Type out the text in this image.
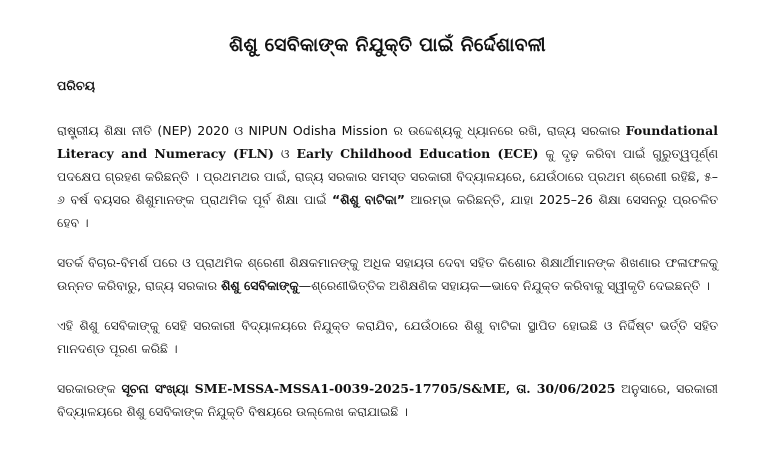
ଶିଶୁ ସେବିକାଙ୍କ ନିଯୁକ୍ତି ପାଇଁ ନିର୍ଦ୍ଦେଶାବଳୀ
ପରିଚୟ

ରାଷ୍ଟ୍ରୀୟ ଶିକ୍ଷା ନୀତି (NEP) 2020 ଓ NIPUN Odisha Mission ର ଉଦ୍ଦେଶ୍ୟକୁ ଧ୍ୟାନରେ ରଖି, ରାଜ୍ୟ ସରକାର Foundational Literacy and Numeracy (FLN) ଓ Early Childhood Education (ECE) କୁ ଦୃଢ଼ କରିବା ପାଇଁ ଗୁରୁତ୍ୱପୂର୍ଣ୍ଣ ପଦକ୍ଷେପ ଗ୍ରହଣ କରିଛନ୍ତି । ପ୍ରଥମଥର ପାଇଁ, ରାଜ୍ୟ ସରକାର ସମସ୍ତ ସରକାରୀ ବିଦ୍ୟାଳୟରେ, ଯେଉଁଠାରେ ପ୍ରଥମ ଶ୍ରେଣୀ ରହିଛି, ୫–୬ ବର୍ଷ ବୟସର ଶିଶୁମାନଙ୍କ ପ୍ରାଥମିକ ପୂର୍ବ ଶିକ୍ଷା ପାଇଁ “ଶିଶୁ ବାଟିକା” ଆରମ୍ଭ କରିଛନ୍ତି, ଯାହା 2025–26 ଶିକ୍ଷା ସେସନରୁ ପ୍ରଚଳିତ ହେବ ।

ସତର୍କ ବିଚାର-ବିମର୍ଶ ପରେ ଓ ପ୍ରାଥମିକ ଶ୍ରେଣୀ ଶିକ୍ଷକମାନଙ୍କୁ ଅଧିକ ସହାୟତା ଦେବା ସହିତ କିଶୋର ଶିକ୍ଷାର୍ଥୀମାନଙ୍କ ଶିଖଣାର ଫଳାଫଳକୁ ଉନ୍ନତ କରିବାରୁ, ରାଜ୍ୟ ସରକାର ଶିଶୁ ସେବିକାଙ୍କୁ—ଶ୍ରେଣୀଭିତ୍ତିକ ଅଶିକ୍ଷଣିକ ସହାୟକ—ଭାବେ ନିଯୁକ୍ତ କରିବାକୁ ସ୍ୱୀକୃତି ଦେଇଛନ୍ତି ।

ଏହି ଶିଶୁ ସେବିକାଙ୍କୁ ସେହି ସରକାରୀ ବିଦ୍ୟାଳୟରେ ନିଯୁକ୍ତ କରାଯିବ, ଯେଉଁଠାରେ ଶିଶୁ ବାଟିକା ସ୍ଥାପିତ ହୋଇଛି ଓ ନିର୍ଦ୍ଦିଷ୍ଟ ଭର୍ତ୍ତି ସହିତ ମାନଦଣ୍ଡ ପୂରଣ କରିଛି ।

ସରକାରଙ୍କ ସୂଚନା ସଂଖ୍ୟା SME-MSSA-MSSA1-0039-2025-17705/S&ME, ତା. 30/06/2025 ଅନୁସାରେ, ସରକାରୀ ବିଦ୍ୟାଳୟରେ ଶିଶୁ ସେବିକାଙ୍କ ନିଯୁକ୍ତି ବିଷୟରେ ଉଲ୍ଲେଖ କରାଯାଇଛି ।
